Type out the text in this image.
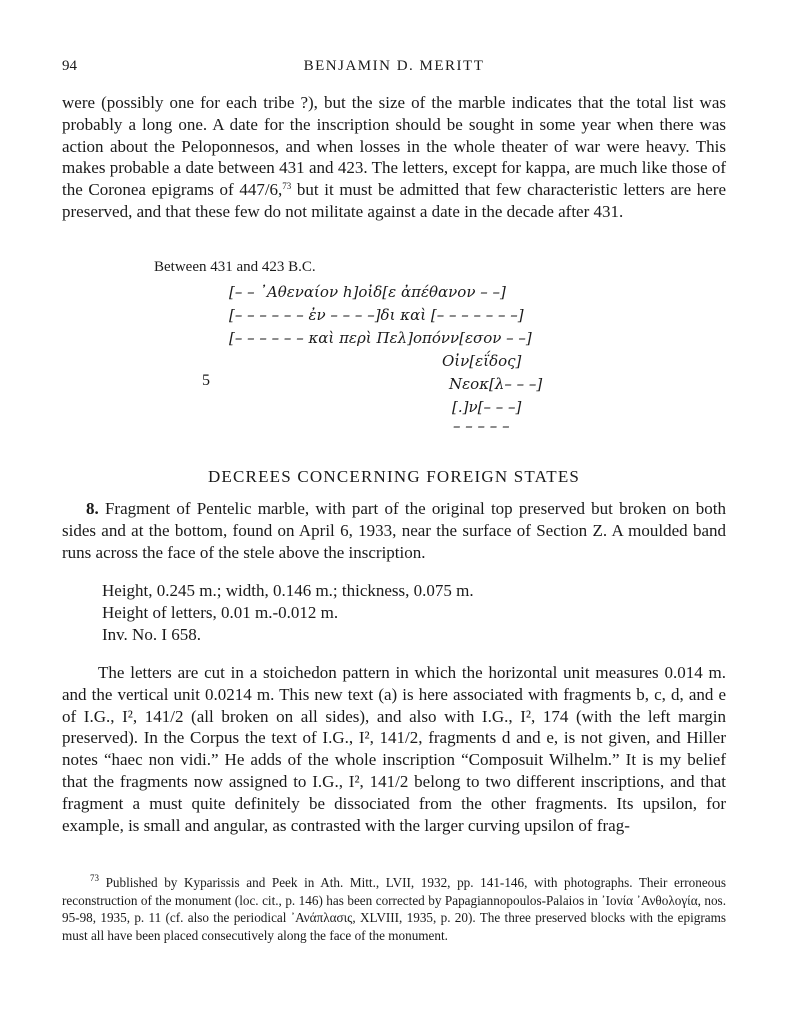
94	BENJAMIN D. MERITT

were (possibly one for each tribe ?), but the size of the marble indicates that the total list was probably a long one. A date for the inscription should be sought in some year when there was action about the Peloponnesos, and when losses in the whole theater of war were heavy. This makes probable a date between 431 and 423. The letters, except for kappa, are much like those of the Coronea epigrams of 447/6,73 but it must be admitted that few characteristic letters are here preserved, and that these few do not militate against a date in the decade after 431.

Between 431 and 423 B.C.

[– – ᾿Αθεναίον h]οἰδ[ε ἀπέθανον – –]

[– – – – – – ἐν – – – –]δι καὶ [– – – – – – –]

[– – – – – – καὶ περὶ Πελ]οπόνν[εσον – –]

Οἰν[εΐδος]

Νεοκ[λ– – –]

[.]ν[– – –]

– – – – –

5

DECREES CONCERNING FOREIGN STATES

8. Fragment of Pentelic marble, with part of the original top preserved but broken on both sides and at the bottom, found on April 6, 1933, near the surface of Section Z. A moulded band runs across the face of the stele above the inscription.

Height, 0.245 m.; width, 0.146 m.; thickness, 0.075 m.
Height of letters, 0.01 m.-0.012 m.
Inv. No. I 658.

The letters are cut in a stoichedon pattern in which the horizontal unit measures 0.014 m. and the vertical unit 0.0214 m. This new text (a) is here associated with fragments b, c, d, and e of I.G., I², 141/2 (all broken on all sides), and also with I.G., I², 174 (with the left margin preserved). In the Corpus the text of I.G., I², 141/2, fragments d and e, is not given, and Hiller notes “haec non vidi.” He adds of the whole inscription “Composuit Wilhelm.” It is my belief that the fragments now assigned to I.G., I², 141/2 belong to two different inscriptions, and that fragment a must quite definitely be dissociated from the other fragments. Its upsilon, for example, is small and angular, as contrasted with the larger curving upsilon of frag-

$^{73}$ Published by Kyparissis and Peek in Ath. Mitt., LVII, 1932, pp. 141-146, with photographs. Their erroneous reconstruction of the monument (loc. cit., p. 146) has been corrected by Papagiannopoulos-Palaios in ᾿Ιονία ᾿Ανθολογία, nos. 95-98, 1935, p. 11 (cf. also the periodical ᾿Ανάπλασις, XLVIII, 1935, p. 20). The three preserved blocks with the epigrams must all have been placed consecutively along the face of the monument.
